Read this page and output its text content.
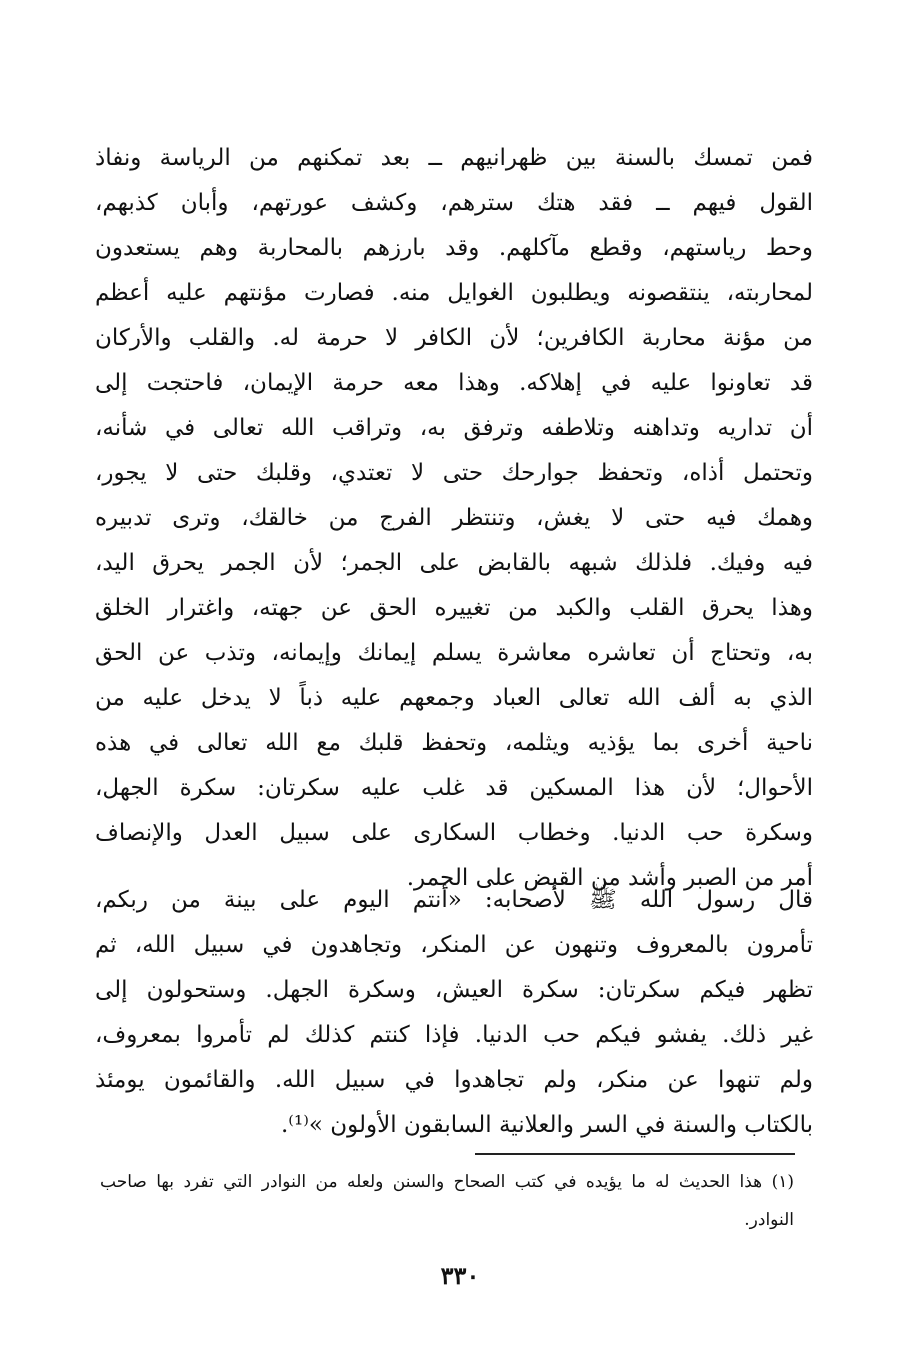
فمن تمسك بالسنة بين ظهرانيهم ــ بعد تمكنهم من الرياسة ونفاذ
القول فيهم ــ فقد هتك سترهم، وكشف عورتهم، وأبان كذبهم،
وحط رياستهم، وقطع مآكلهم. وقد بارزهم بالمحاربة وهم يستعدون
لمحاربته، ينتقصونه ويطلبون الغوايل منه. فصارت مؤنتهم عليه أعظم
من مؤنة محاربة الكافرين؛ لأن الكافر لا حرمة له. والقلب والأركان
قد تعاونوا عليه في إهلاكه. وهذا معه حرمة الإيمان، فاحتجت إلى
أن تداريه وتداهنه وتلاطفه وترفق به، وتراقب الله تعالى في شأنه،
وتحتمل أذاه، وتحفظ جوارحك حتى لا تعتدي، وقلبك حتى لا يجور،
وهمك فيه حتى لا يغش، وتنتظر الفرج من خالقك، وترى تدبيره
فيه وفيك. فلذلك شبهه بالقابض على الجمر؛ لأن الجمر يحرق اليد،
وهذا يحرق القلب والكبد من تغييره الحق عن جهته، واغترار الخلق
به، وتحتاج أن تعاشره معاشرة يسلم إيمانك وإيمانه، وتذب عن الحق
الذي به ألف الله تعالى العباد وجمعهم عليه ذباً لا يدخل عليه من
ناحية أخرى بما يؤذيه ويثلمه، وتحفظ قلبك مع الله تعالى في هذه
الأحوال؛ لأن هذا المسكين قد غلب عليه سكرتان: سكرة الجهل،
وسكرة حب الدنيا. وخطاب السكارى على سبيل العدل والإنصاف
أمر من الصبر وأشد من القبض على الجمر.
قال رسول الله ﷺ لأصحابه: «أنتم اليوم على بينة من ربكم،
تأمرون بالمعروف وتنهون عن المنكر، وتجاهدون في سبيل الله، ثم
تظهر فيكم سكرتان: سكرة العيش، وسكرة الجهل. وستحولون إلى
غير ذلك. يفشو فيكم حب الدنيا. فإذا كنتم كذلك لم تأمروا بمعروف،
ولم تنهوا عن منكر، ولم تجاهدوا في سبيل الله. والقائمون يومئذ
بالكتاب والسنة في السر والعلانية السابقون الأولون »⁽¹⁾.
(١) هذا الحديث له ما يؤيده في كتب الصحاح والسنن ولعله من النوادر التي تفرد بها صاحب
النوادر.
٣٣٠
